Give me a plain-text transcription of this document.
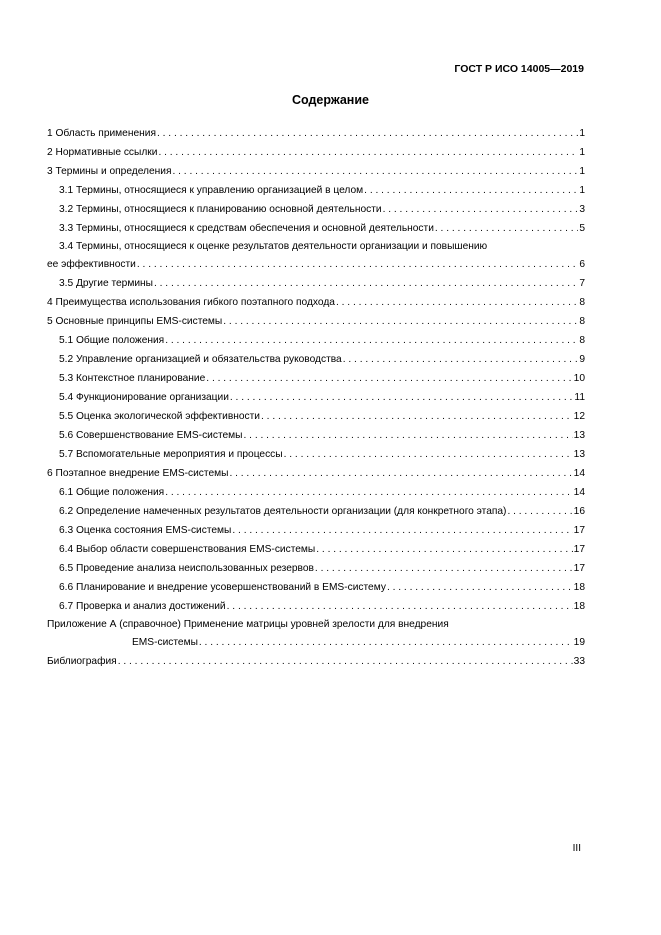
ГОСТ Р ИСО 14005—2019
Содержание
1 Область применения . . .	1
2 Нормативные ссылки . . .	1
3 Термины и определения . . .	1
3.1 Термины, относящиеся к управлению организацией в целом . . .	1
3.2 Термины, относящиеся к планированию основной деятельности . . .	3
3.3 Термины, относящиеся к средствам обеспечения и основной деятельности . . .	5
3.4 Термины, относящиеся к оценке результатов деятельности организации и повышению
ее эффективности . . .	6
3.5 Другие термины . . .	7
4 Преимущества использования гибкого поэтапного подхода . . .	8
5 Основные принципы EMS-системы . . .	8
5.1 Общие положения . . .	8
5.2 Управление организацией и обязательства руководства . . .	9
5.3 Контекстное планирование . . .	10
5.4 Функционирование организации . . .	11
5.5 Оценка экологической эффективности . . .	12
5.6 Совершенствование EMS-системы . . .	13
5.7 Вспомогательные мероприятия и процессы . . .	13
6 Поэтапное внедрение EMS-системы . . .	14
6.1 Общие положения . . .	14
6.2 Определение намеченных результатов деятельности организации (для конкретного этапа) . . .	16
6.3 Оценка состояния EMS-системы . . .	17
6.4 Выбор области совершенствования EMS-системы . . .	17
6.5 Проведение анализа неиспользованных резервов . . .	17
6.6 Планирование и внедрение усовершенствований в EMS-систему . . .	18
6.7 Проверка и анализ достижений . . .	18
Приложение А (справочное) Применение матрицы уровней зрелости для внедрения
EMS-системы . . .	19
Библиография . . .	33
III
